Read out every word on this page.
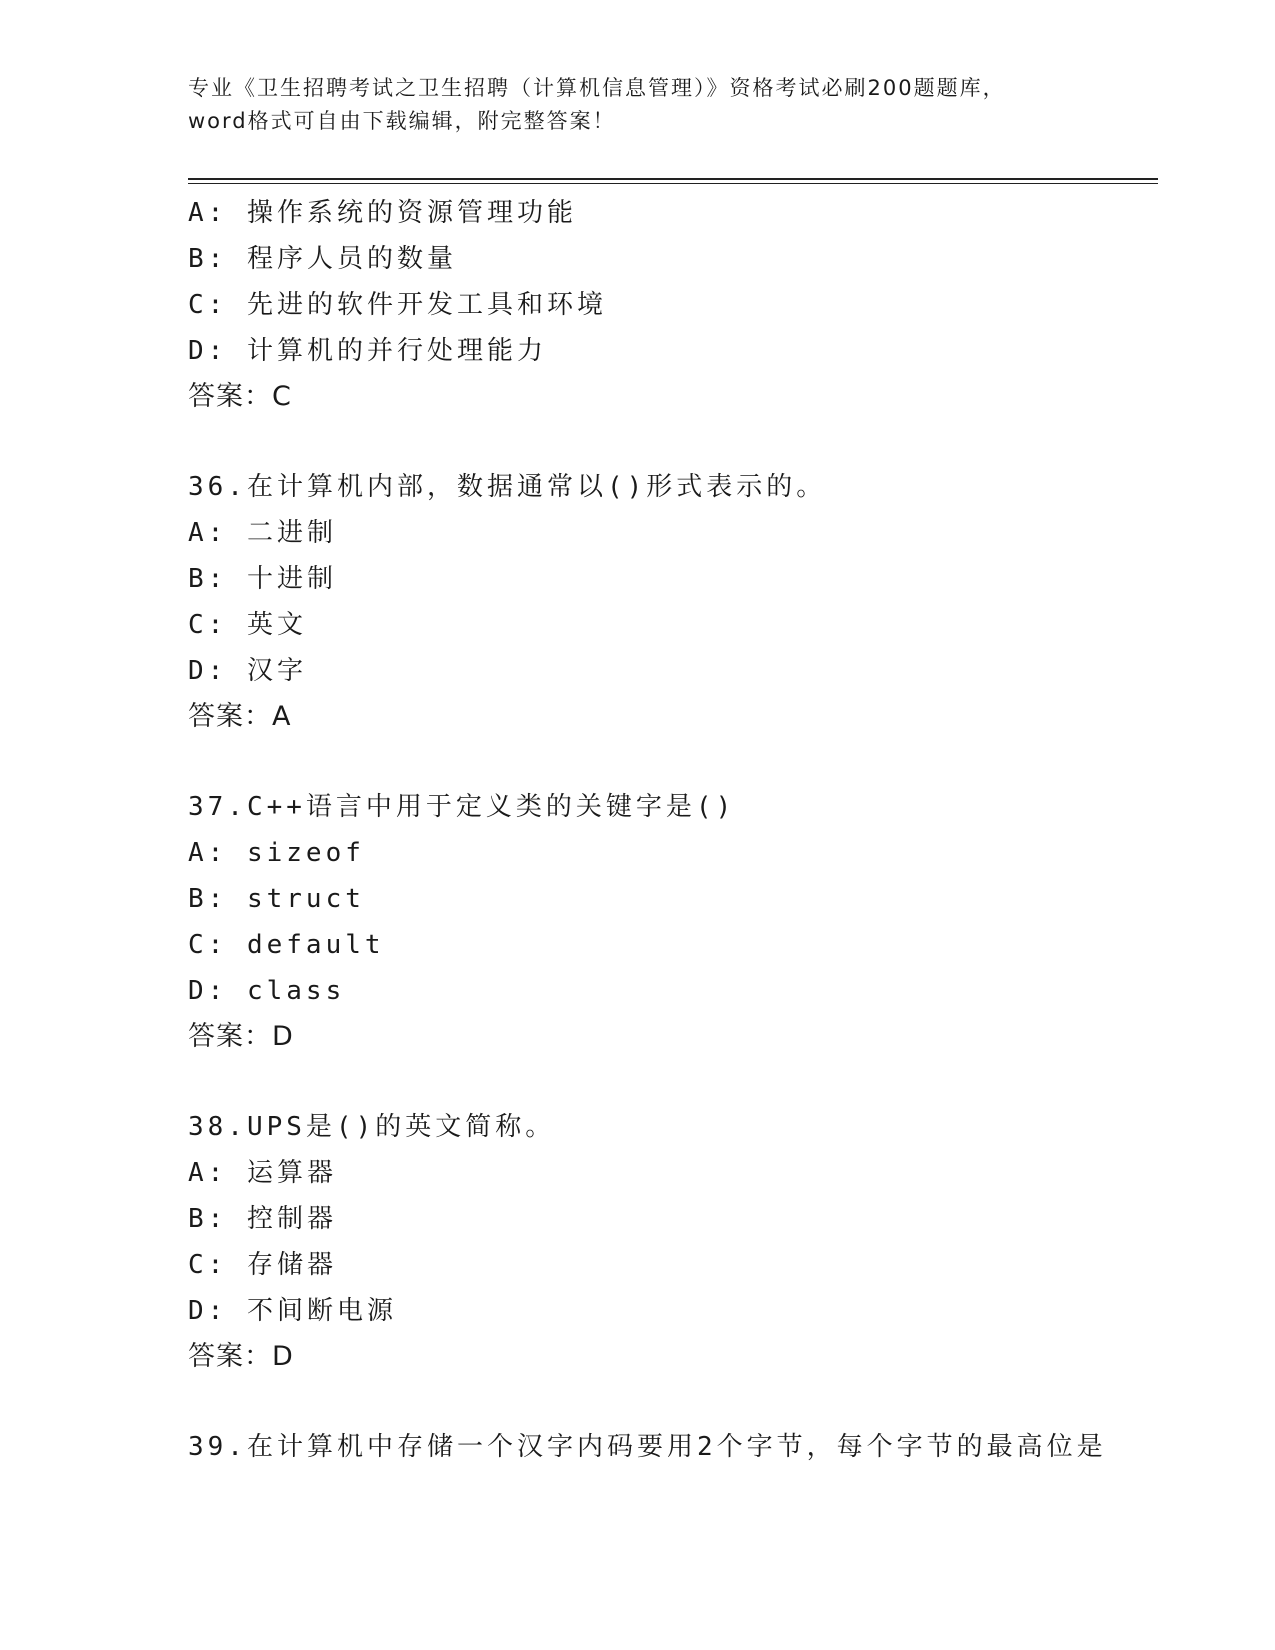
专业《卫生招聘考试之卫生招聘（计算机信息管理）》资格考试必刷200题题库，
word格式可自由下载编辑，附完整答案！
A: 操作系统的资源管理功能
B: 程序人员的数量
C: 先进的软件开发工具和环境
D: 计算机的并行处理能力
答案：C
36.在计算机内部，数据通常以()形式表示的。
A: 二进制
B: 十进制
C: 英文
D: 汉字
答案：A
37.C++语言中用于定义类的关键字是()
A: sizeof
B: struct
C: default
D: class
答案：D
38.UPS是()的英文简称。
A: 运算器
B: 控制器
C: 存储器
D: 不间断电源
答案：D
39.在计算机中存储一个汉字内码要用2个字节，每个字节的最高位是
